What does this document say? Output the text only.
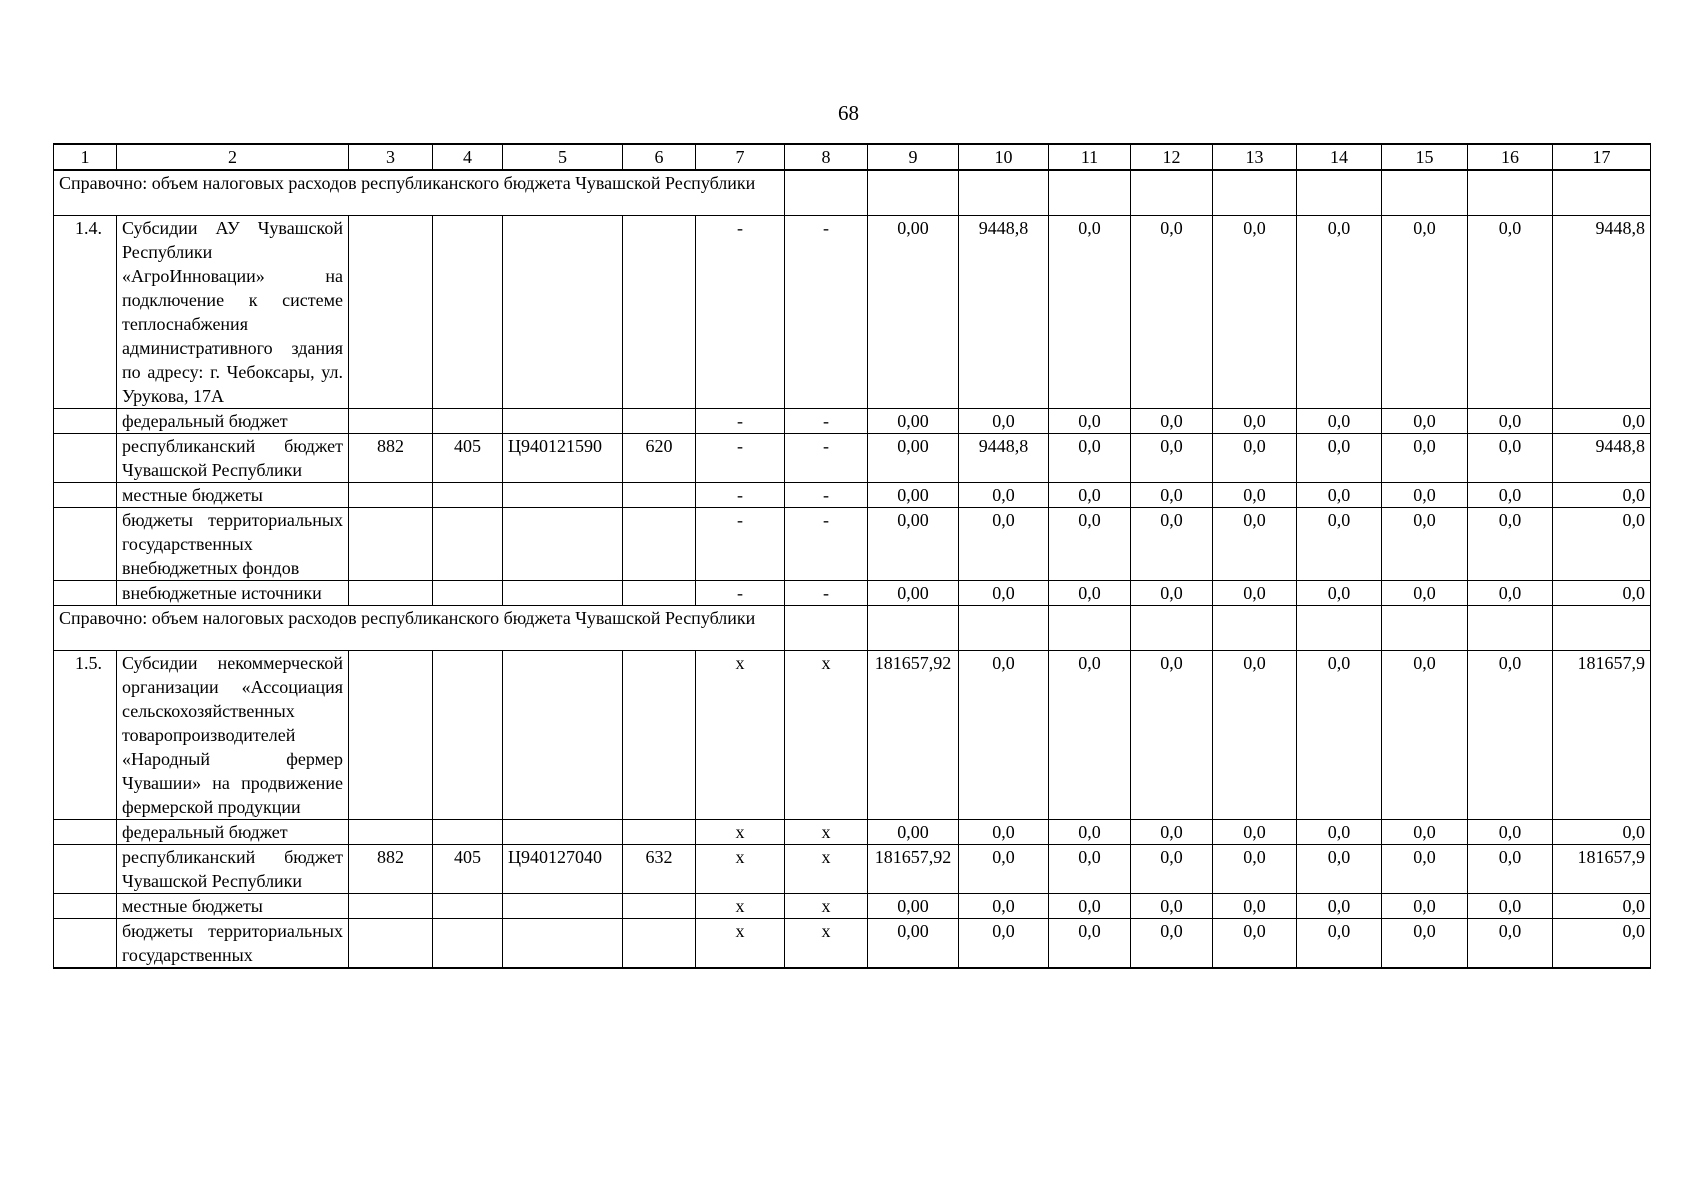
68
1	2	3	4	5	6	7	8	9	10	11	12	13	14	15	16	17
Справочно: объем налоговых расходов республиканского бюджета Чувашской Республики																
1.4.	Субсидии АУ Чувашской Республики «АгроИнновации» на подключение к системе теплоснабжения административного здания по адресу: г. Чебоксары, ул. Урукова, 17А					-	-	0,00	9448,8	0,0	0,0	0,0	0,0	0,0	0,0	9448,8
	федеральный бюджет					-	-	0,00	0,0	0,0	0,0	0,0	0,0	0,0	0,0	0,0
	республиканский бюджет Чувашской Республики	882	405	Ц940121590	620	-	-	0,00	9448,8	0,0	0,0	0,0	0,0	0,0	0,0	9448,8
	местные бюджеты					-	-	0,00	0,0	0,0	0,0	0,0	0,0	0,0	0,0	0,0
	бюджеты территориальных государственных внебюджетных фондов					-	-	0,00	0,0	0,0	0,0	0,0	0,0	0,0	0,0	0,0
	внебюджетные источники					-	-	0,00	0,0	0,0	0,0	0,0	0,0	0,0	0,0	0,0
Справочно: объем налоговых расходов республиканского бюджета Чувашской Республики																
1.5.	Субсидии некоммерческой организации «Ассоциация сельскохозяйственных товаропроизводителей «Народный фермер Чувашии» на продвижение фермерской продукции					x	x	181657,92	0,0	0,0	0,0	0,0	0,0	0,0	0,0	181657,9
	федеральный бюджет					x	x	0,00	0,0	0,0	0,0	0,0	0,0	0,0	0,0	0,0
	республиканский бюджет Чувашской Республики	882	405	Ц940127040	632	x	x	181657,92	0,0	0,0	0,0	0,0	0,0	0,0	0,0	181657,9
	местные бюджеты					x	x	0,00	0,0	0,0	0,0	0,0	0,0	0,0	0,0	0,0
	бюджеты территориальных государственных					x	x	0,00	0,0	0,0	0,0	0,0	0,0	0,0	0,0	0,0
